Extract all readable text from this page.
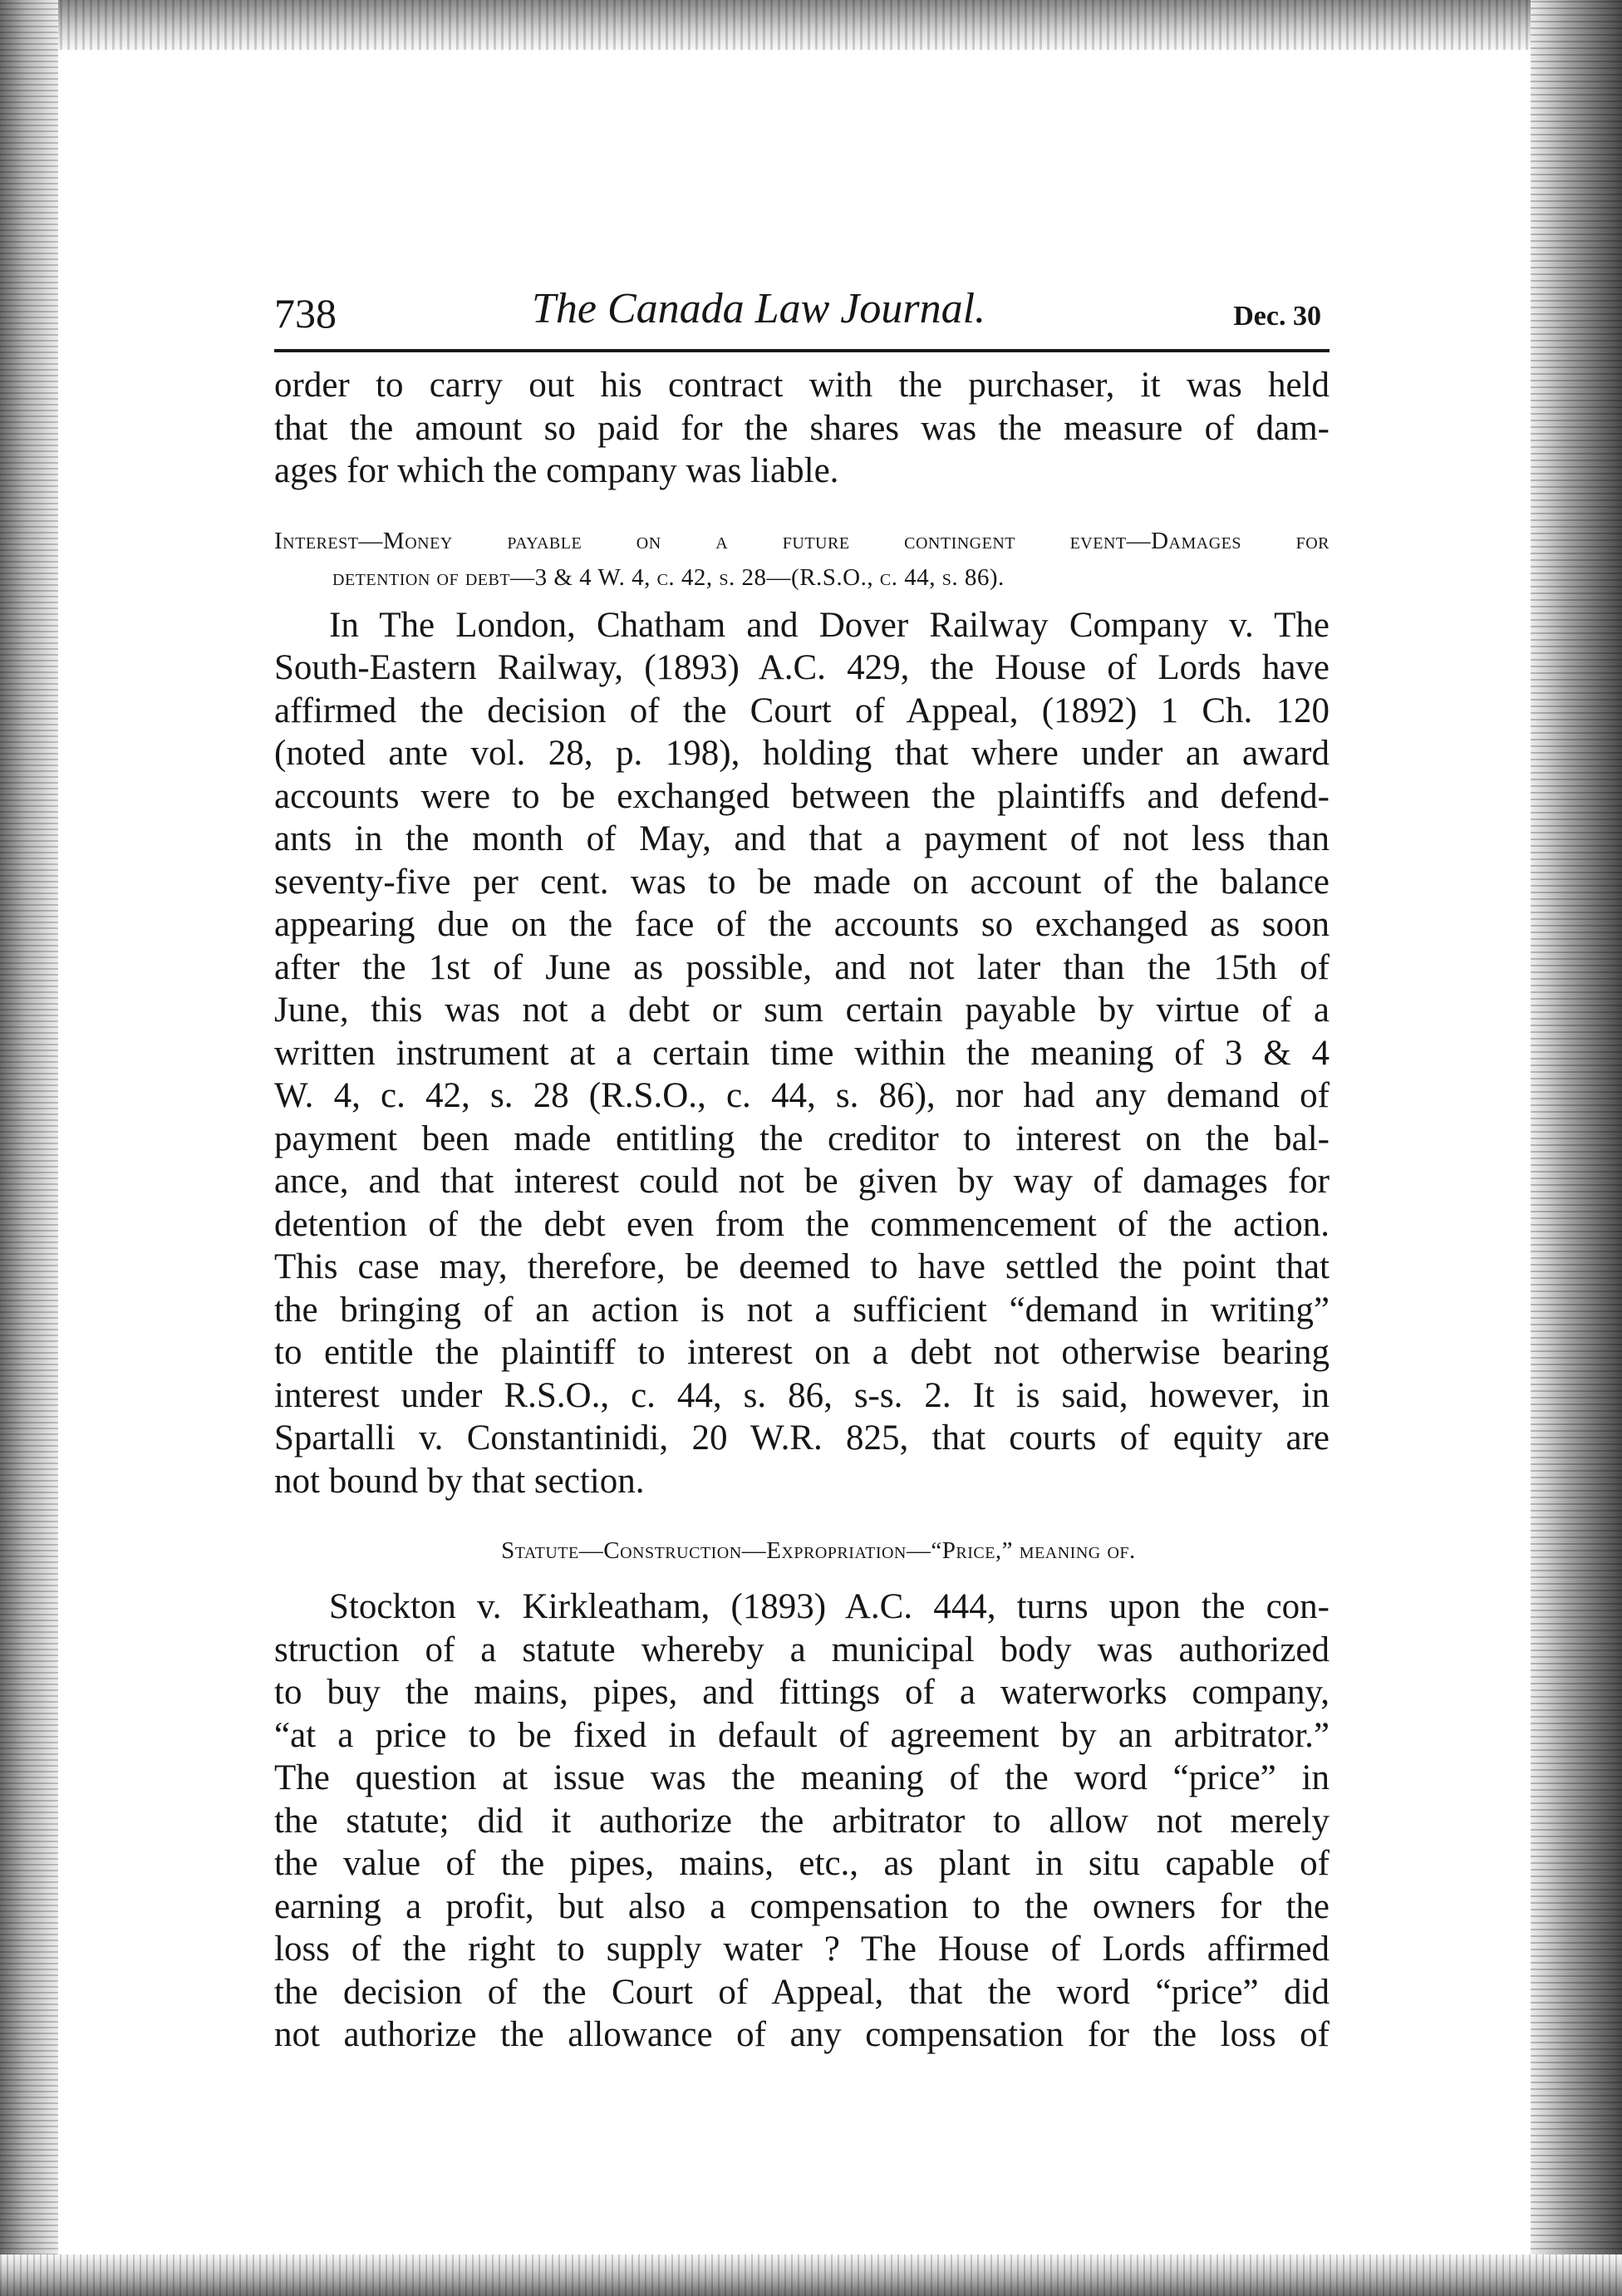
738	The Canada Law Journal.	Dec. 30
order to carry out his contract with the purchaser, it was held
that the amount so paid for the shares was the measure of dam-
ages for which the company was liable.
Interest—Money payable on a future contingent event—Damages for
detention of debt—3 & 4 W. 4, c. 42, s. 28—(R.S.O., c. 44, s. 86).
In The London, Chatham and Dover Railway Company v. The
South-Eastern Railway, (1893) A.C. 429, the House of Lords have
affirmed the decision of the Court of Appeal, (1892) 1 Ch. 120
(noted ante vol. 28, p. 198), holding that where under an award
accounts were to be exchanged between the plaintiffs and defend-
ants in the month of May, and that a payment of not less than
seventy-five per cent. was to be made on account of the balance
appearing due on the face of the accounts so exchanged as soon
after the 1st of June as possible, and not later than the 15th of
June, this was not a debt or sum certain payable by virtue of a
written instrument at a certain time within the meaning of 3 & 4
W. 4, c. 42, s. 28 (R.S.O., c. 44, s. 86), nor had any demand of
payment been made entitling the creditor to interest on the bal-
ance, and that interest could not be given by way of damages for
detention of the debt even from the commencement of the action.
This case may, therefore, be deemed to have settled the point that
the bringing of an action is not a sufficient “demand in writing”
to entitle the plaintiff to interest on a debt not otherwise bearing
interest under R.S.O., c. 44, s. 86, s-s. 2. It is said, however, in
Spartalli v. Constantinidi, 20 W.R. 825, that courts of equity are
not bound by that section.
Statute—Construction—Expropriation—“Price,” meaning of.
Stockton v. Kirkleatham, (1893) A.C. 444, turns upon the con-
struction of a statute whereby a municipal body was authorized
to buy the mains, pipes, and fittings of a waterworks company,
“at a price to be fixed in default of agreement by an arbitrator.”
The question at issue was the meaning of the word “price” in
the statute; did it authorize the arbitrator to allow not merely
the value of the pipes, mains, etc., as plant in situ capable of
earning a profit, but also a compensation to the owners for the
loss of the right to supply water ? The House of Lords affirmed
the decision of the Court of Appeal, that the word “price” did
not authorize the allowance of any compensation for the loss of
